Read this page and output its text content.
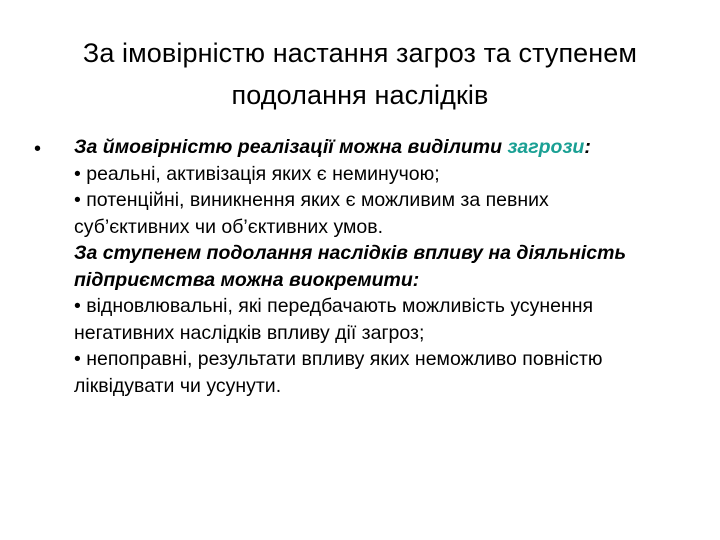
За імовірністю настання загроз та ступенем
подолання наслідків
• За ймовірністю реалізації можна виділити загрози:
• реальні, активізація яких є неминучою;
• потенційні, виникнення яких є можливим за певних
суб’єктивних чи об’єктивних умов.
За ступенем подолання наслідків впливу на діяльність
підприємства можна виокремити:
• відновлювальні, які передбачають можливість усунення
негативних наслідків впливу дії загроз;
• непоправні, результати впливу яких неможливо повністю
ліквідувати чи усунути.
